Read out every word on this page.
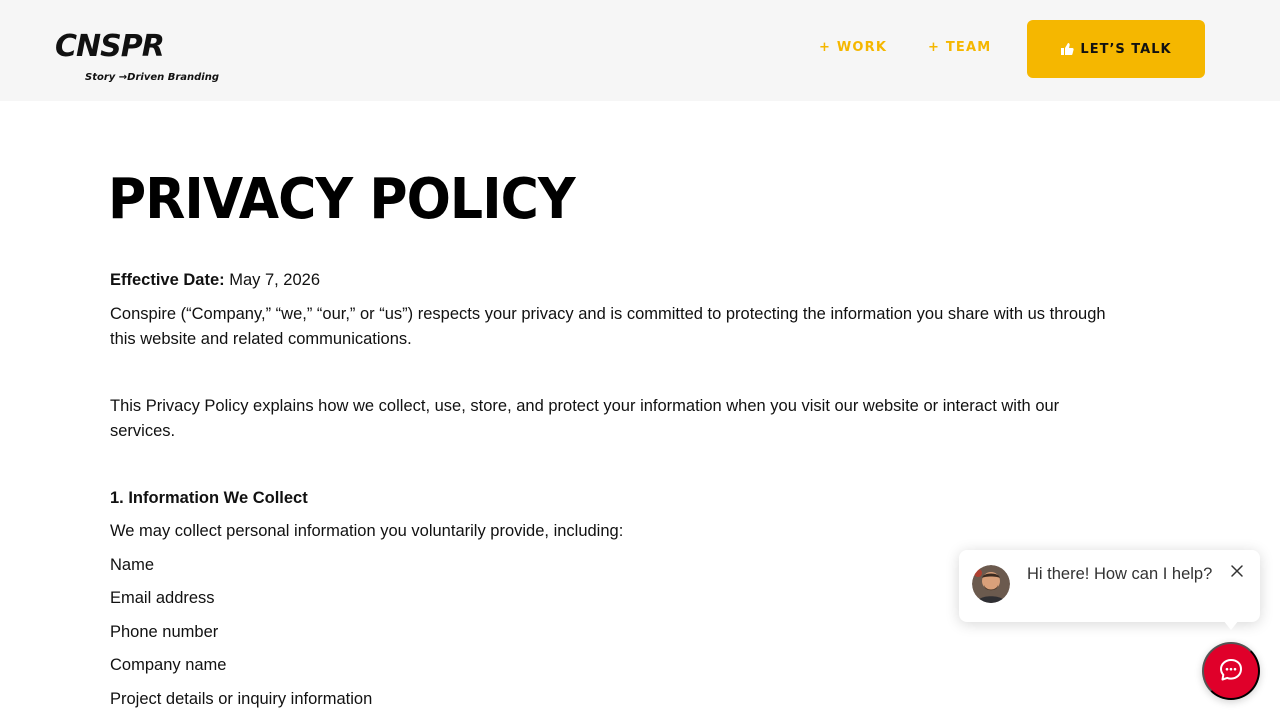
CNSPR
Story →Driven Branding
+ WORK	+ TEAM	LET’S TALK
PRIVACY POLICY

Effective Date: May 7, 2026

Conspire (“Company,” “we,” “our,” or “us”) respects your privacy and is committed to protecting the information you share with us through this website and related communications.

This Privacy Policy explains how we collect, use, store, and protect your information when you visit our website or interact with our services.

1. Information We Collect

We may collect personal information you voluntarily provide, including:

Name

Email address

Phone number

Company name

Project details or inquiry information

Hi there! How can I help?
